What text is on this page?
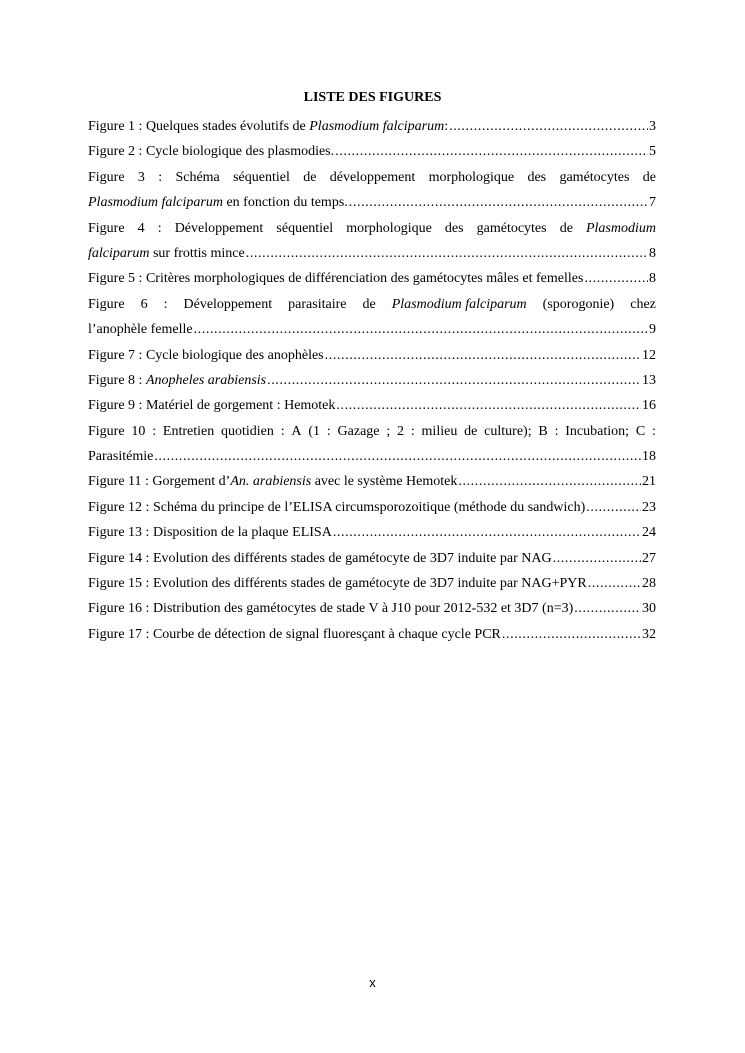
LISTE DES FIGURES
Figure 1 : Quelques stades évolutifs de Plasmodium falciparum: .....	3
Figure 2 : Cycle biologique des plasmodies. .....	5
Figure 3 : Schéma séquentiel de développement morphologique des gamétocytes de
Plasmodium falciparum en fonction du temps. .....	7
Figure 4 : Développement séquentiel morphologique des gamétocytes de Plasmodium
falciparum sur frottis mince .....	8
Figure 5 : Critères morphologiques de différenciation des gamétocytes mâles et femelles .....	8
Figure 6 : Développement parasitaire de Plasmodium falciparum (sporogonie) chez
l’anophèle femelle .....	9
Figure 7 : Cycle biologique des anophèles .....	12
Figure 8 : Anopheles arabiensis .....	13
Figure 9 : Matériel de gorgement : Hemotek .....	16
Figure 10 : Entretien quotidien : A (1 : Gazage ; 2 : milieu de culture); B : Incubation; C :
Parasitémie .....	18
Figure 11 : Gorgement d’An. arabiensis avec le système Hemotek .....	21
Figure 12 : Schéma du principe de l’ELISA circumsporozoitique (méthode du sandwich) .....	23
Figure 13 : Disposition de la plaque ELISA .....	24
Figure 14 : Evolution des différents stades de gamétocyte de 3D7 induite par NAG .....	27
Figure 15 : Evolution des différents stades de gamétocyte de 3D7 induite par NAG+PYR .....	28
Figure 16 : Distribution des gamétocytes de stade V à J10 pour 2012-532 et 3D7 (n=3) .....	30
Figure 17 : Courbe de détection de signal fluoresçant à chaque cycle PCR .....	32
x
